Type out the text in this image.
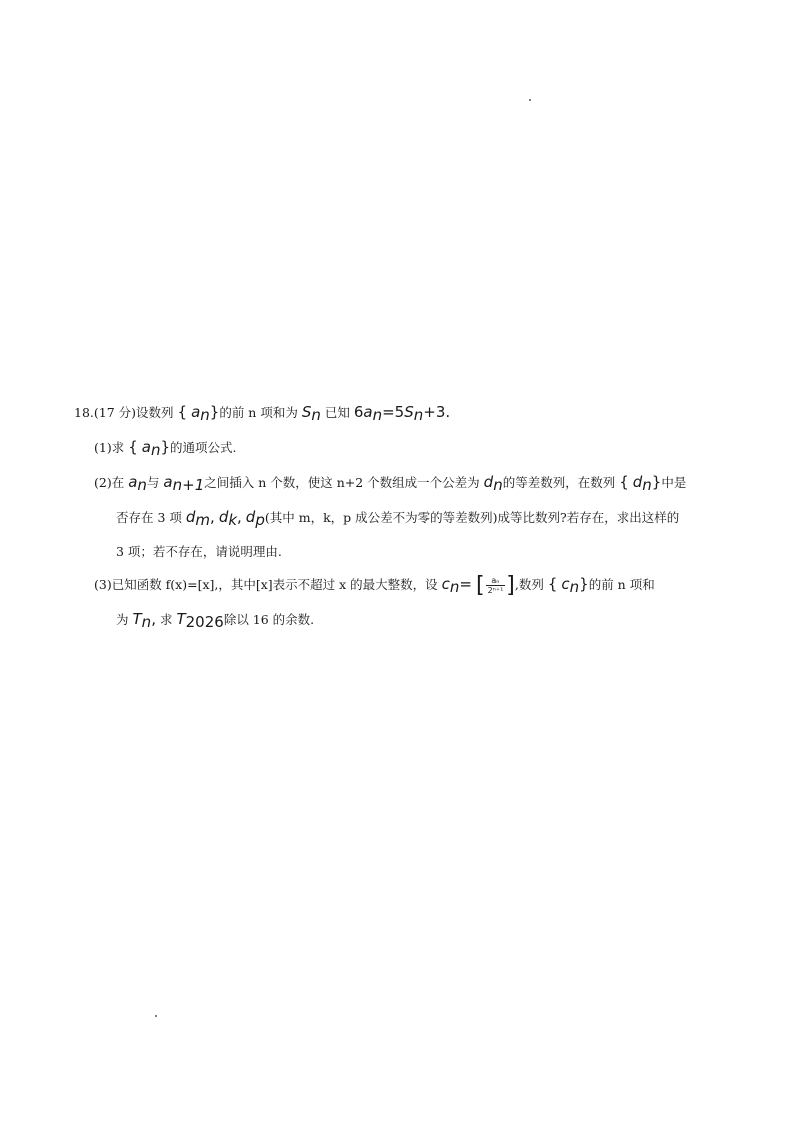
18.(17 分)设数列 { $a_n$}的前 n 项和为 $S_n$ 已知 $6a_n=5S_n+3$.
(1)求 { $a_n$}的通项公式.
(2)在 $a_n$与 $a_{n+1}$之间插入 n 个数，使这 n+2 个数组成一个公差为 $d_n$的等差数列，在数列 { $d_n$}中是
否存在 3 项 $d_m$, $d_k$, $d_p$(其中 m，k，p 成公差不为零的等差数列)成等比数列?若存在，求出这样的
3 项；若不存在，请说明理由.
(3)已知函数 f(x)=[x],，其中[x]表示不超过 x 的最大整数，设 $c_n=$ [ $\frac{\text{aₙ}}{\text{2ⁿ⁺¹}}$ ],数列 { $c_n$}的前 n 项和
为 $T_n$, 求 $T_{2026}$除以 16 的余数.
